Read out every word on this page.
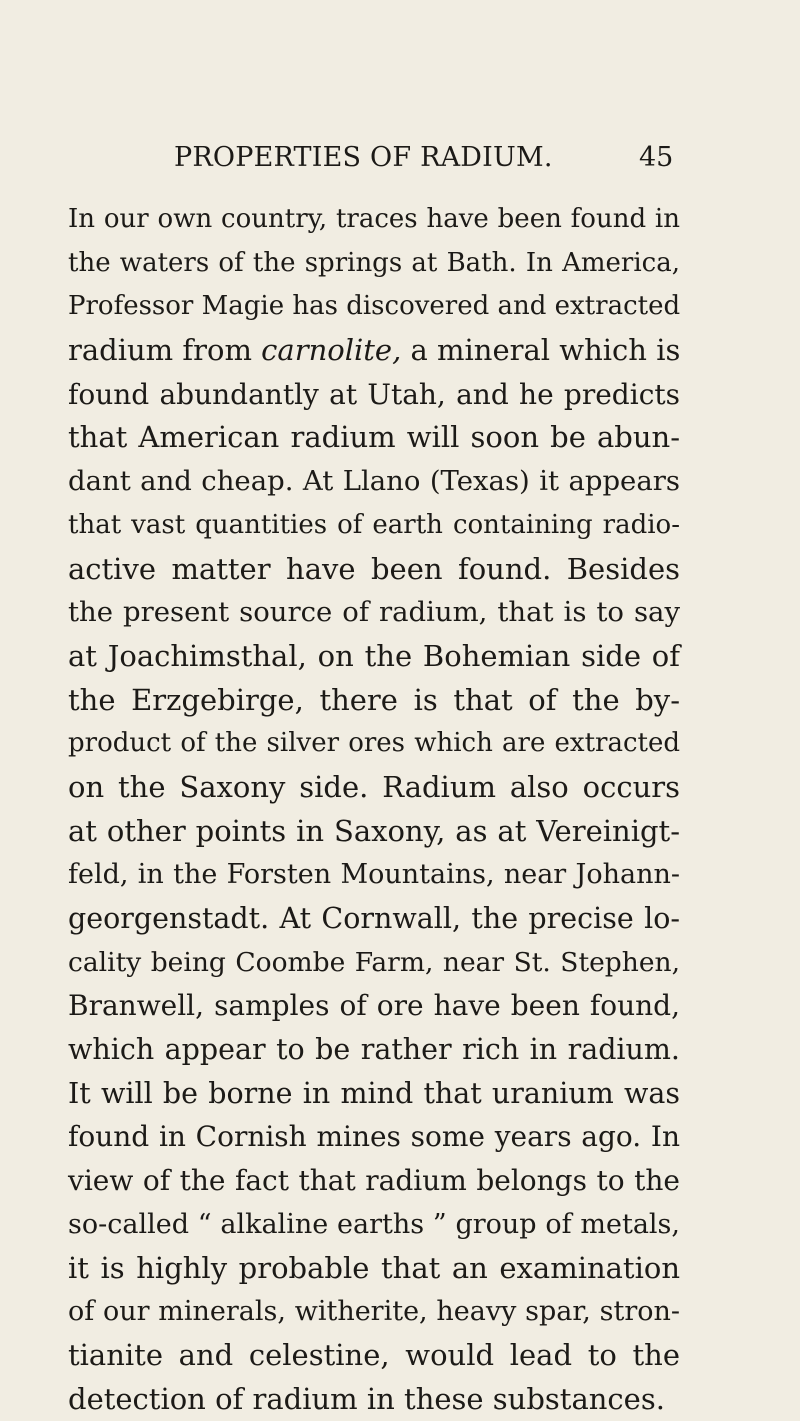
PROPERTIES OF RADIUM.	45
In our own country, traces have been found in
the waters of the springs at Bath. In America,
Professor Magie has discovered and extracted
radium from carnolite, a mineral which is
found abundantly at Utah, and he predicts
that American radium will soon be abun-
dant and cheap. At Llano (Texas) it appears
that vast quantities of earth containing radio-
active matter have been found. Besides
the present source of radium, that is to say
at Joachimsthal, on the Bohemian side of
the Erzgebirge, there is that of the by-
product of the silver ores which are extracted
on the Saxony side. Radium also occurs
at other points in Saxony, as at Vereinigt-
feld, in the Forsten Mountains, near Johann-
georgenstadt. At Cornwall, the precise lo-
cality being Coombe Farm, near St. Stephen,
Branwell, samples of ore have been found,
which appear to be rather rich in radium.
It will be borne in mind that uranium was
found in Cornish mines some years ago. In
view of the fact that radium belongs to the
so-called “ alkaline earths ” group of metals,
it is highly probable that an examination
of our minerals, witherite, heavy spar, stron-
tianite and celestine, would lead to the
detection of radium in these substances.
